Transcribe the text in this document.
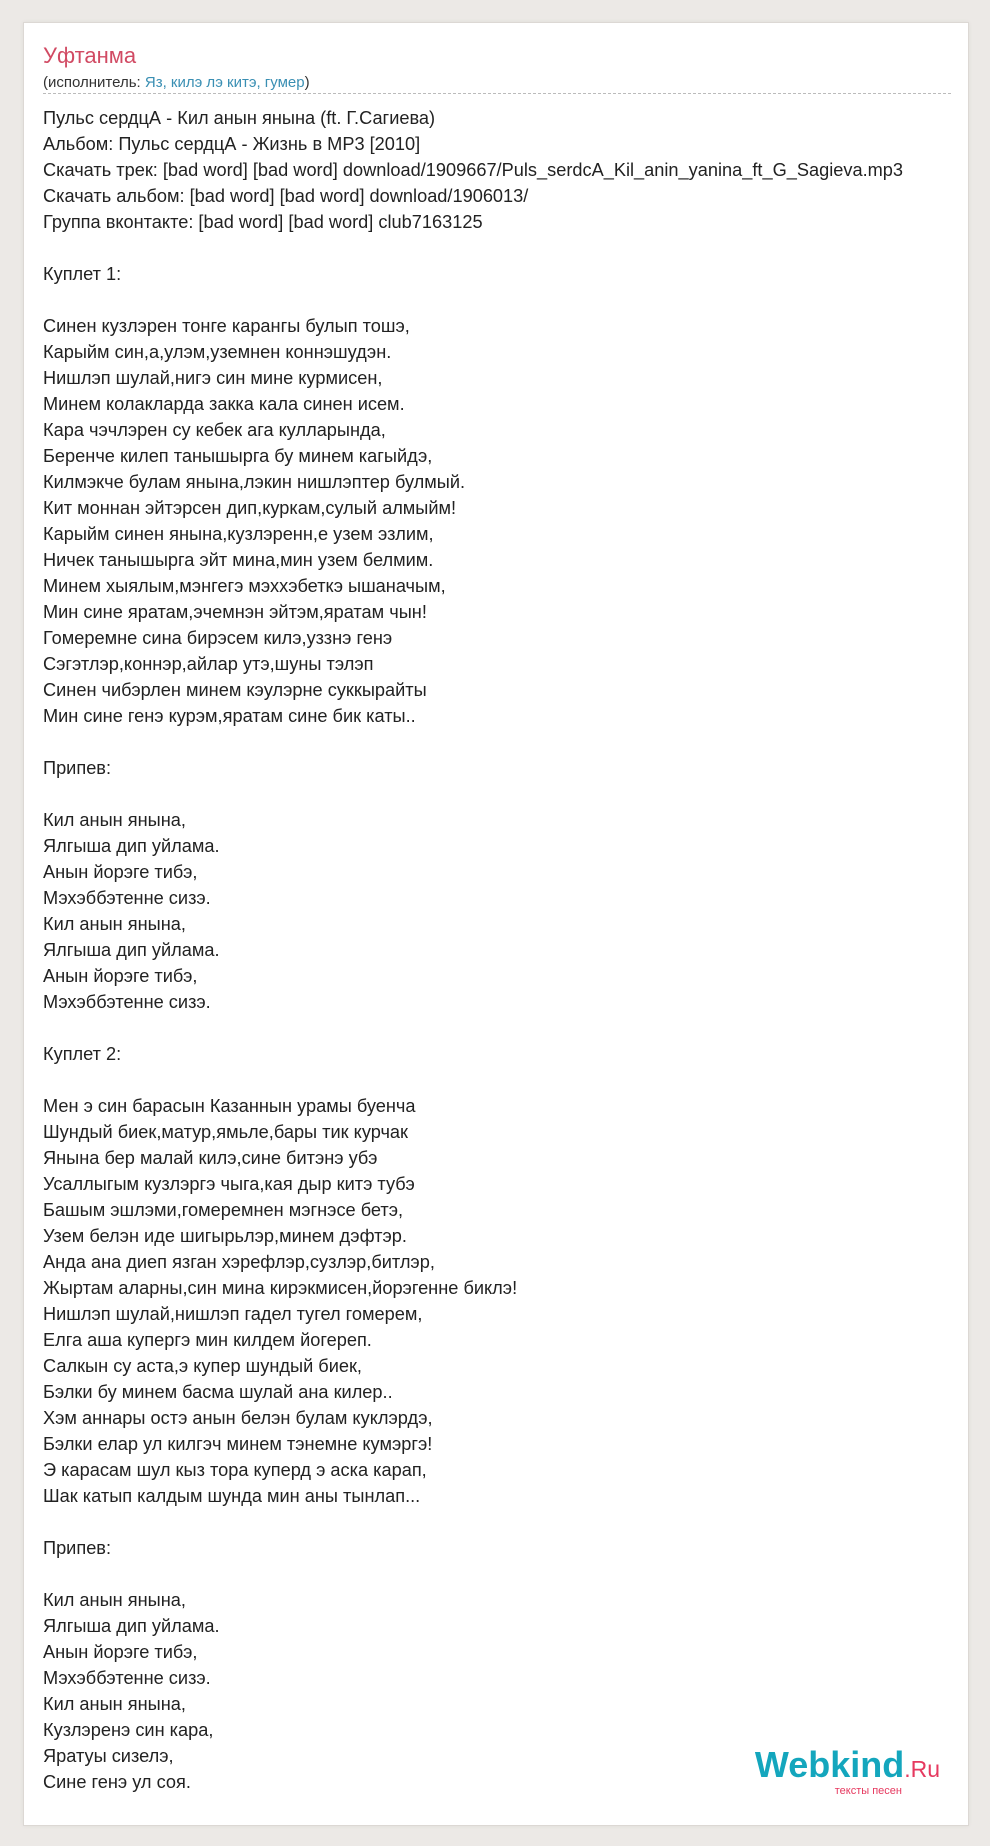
Уфтанма
(исполнитель: Яз, килэ лэ китэ, гумер)
Пульс сердцА - Кил анын янына (ft. Г.Сагиева)
Альбом: Пульс сердцА - Жизнь в MP3 [2010]
Скачать трек: [bad word] [bad word] download/1909667/Puls_serdcA_Kil_anin_yanina_ft_G_Sagieva.mp3
Скачать альбом: [bad word] [bad word] download/1906013/
Группа вконтакте: [bad word] [bad word] club7163125
Куплет 1:
Синен кузлэрен тонге карангы булып тошэ,
Карыйм син,а,улэм,уземнен коннэшудэн.
Нишлэп шулай,нигэ син мине курмисен,
Минем колакларда закка кала синен исем.
Кара чэчлэрен су кебек ага кулларында,
Беренче килеп танышырга бу минем кагыйдэ,
Килмэкче булам янына,лэкин нишлэптер булмый.
Кит моннан эйтэрсен дип,куркам,сулый алмыйм!
Карыйм синен янына,кузлэренн,е узем эзлим,
Ничек танышырга эйт мина,мин узем белмим.
Минем хыялым,мэнгегэ мэххэбеткэ ышаначым,
Мин сине яратам,эчемнэн эйтэм,яратам чын!
Гомеремне сина бирэсем килэ,уззнэ генэ
Сэгэтлэр,коннэр,айлар утэ,шуны тэлэп
Синен чибэрлен минем кэулэрне суккырайты
Мин сине генэ курэм,яратам сине бик каты..
Припев:
Кил анын янына,
Ялгыша дип уйлама.
Анын йорэге тибэ,
Мэхэббэтенне сизэ.
Кил анын янына,
Ялгыша дип уйлама.
Анын йорэге тибэ,
Мэхэббэтенне сизэ.
Куплет 2:
Мен э син барасын Казаннын урамы буенча
Шундый биек,матур,ямьле,бары тик курчак
Янына бер малай килэ,сине битэнэ убэ
Усаллыгым кузлэргэ чыга,кая дыр китэ тубэ
Башым эшлэми,гомеремнен мэгнэсе бетэ,
Узем белэн иде шигырьлэр,минем дэфтэр.
Анда ана диеп язган хэрефлэр,сузлэр,битлэр,
Жыртам аларны,син мина кирэкмисен,йорэгенне биклэ!
Нишлэп шулай,нишлэп гадел тугел гомерем,
Елга аша купергэ мин килдем йогереп.
Салкын су аста,э купер шундый биек,
Бэлки бу минем басма шулай ана килер..
Хэм аннары остэ анын белэн булам куклэрдэ,
Бэлки елар ул килгэч минем тэнемне кумэргэ!
Э карасам шул кыз тора куперд э аска карап,
Шак катып калдым шунда мин аны тынлап...
Припев:
Кил анын янына,
Ялгыша дип уйлама.
Анын йорэге тибэ,
Мэхэббэтенне сизэ.
Кил анын янына,
Кузлэренэ син кара,
Яратуы сизелэ,
Сине генэ ул соя.	Webkind.Ru
тексты песен
